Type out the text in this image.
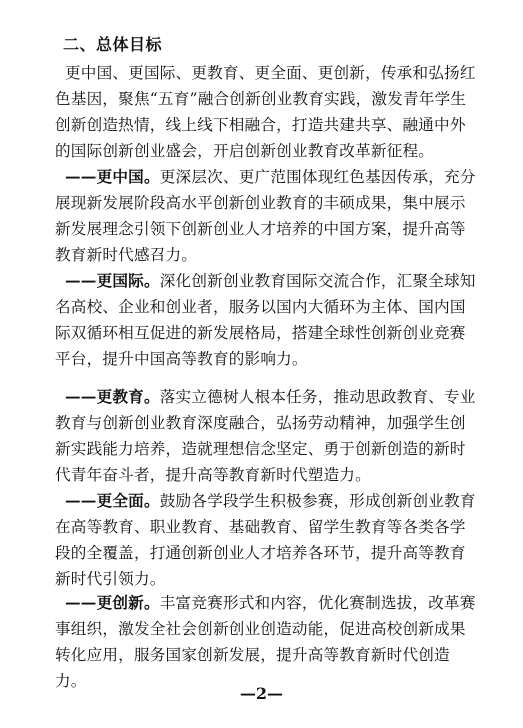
二、总体目标
更中国、更国际、更教育、更全面、更创新，传承和弘扬红色基因，聚焦“五育”融合创新创业教育实践，激发青年学生创新创造热情，线上线下相融合，打造共建共享、融通中外的国际创新创业盛会，开启创新创业教育改革新征程。
——更中国。更深层次、更广范围体现红色基因传承，充分展现新发展阶段高水平创新创业教育的丰硕成果，集中展示新发展理念引领下创新创业人才培养的中国方案，提升高等教育新时代感召力。
——更国际。深化创新创业教育国际交流合作，汇聚全球知名高校、企业和创业者，服务以国内大循环为主体、国内国际双循环相互促进的新发展格局，搭建全球性创新创业竞赛平台，提升中国高等教育的影响力。
——更教育。落实立德树人根本任务，推动思政教育、专业教育与创新创业教育深度融合，弘扬劳动精神，加强学生创新实践能力培养，造就理想信念坚定、勇于创新创造的新时代青年奋斗者，提升高等教育新时代塑造力。
——更全面。鼓励各学段学生积极参赛，形成创新创业教育在高等教育、职业教育、基础教育、留学生教育等各类各学段的全覆盖，打通创新创业人才培养各环节，提升高等教育新时代引领力。
——更创新。丰富竞赛形式和内容，优化赛制选拔，改革赛事组织，激发全社会创新创业创造动能，促进高校创新成果转化应用，服务国家创新发展，提升高等教育新时代创造力。
—2—
